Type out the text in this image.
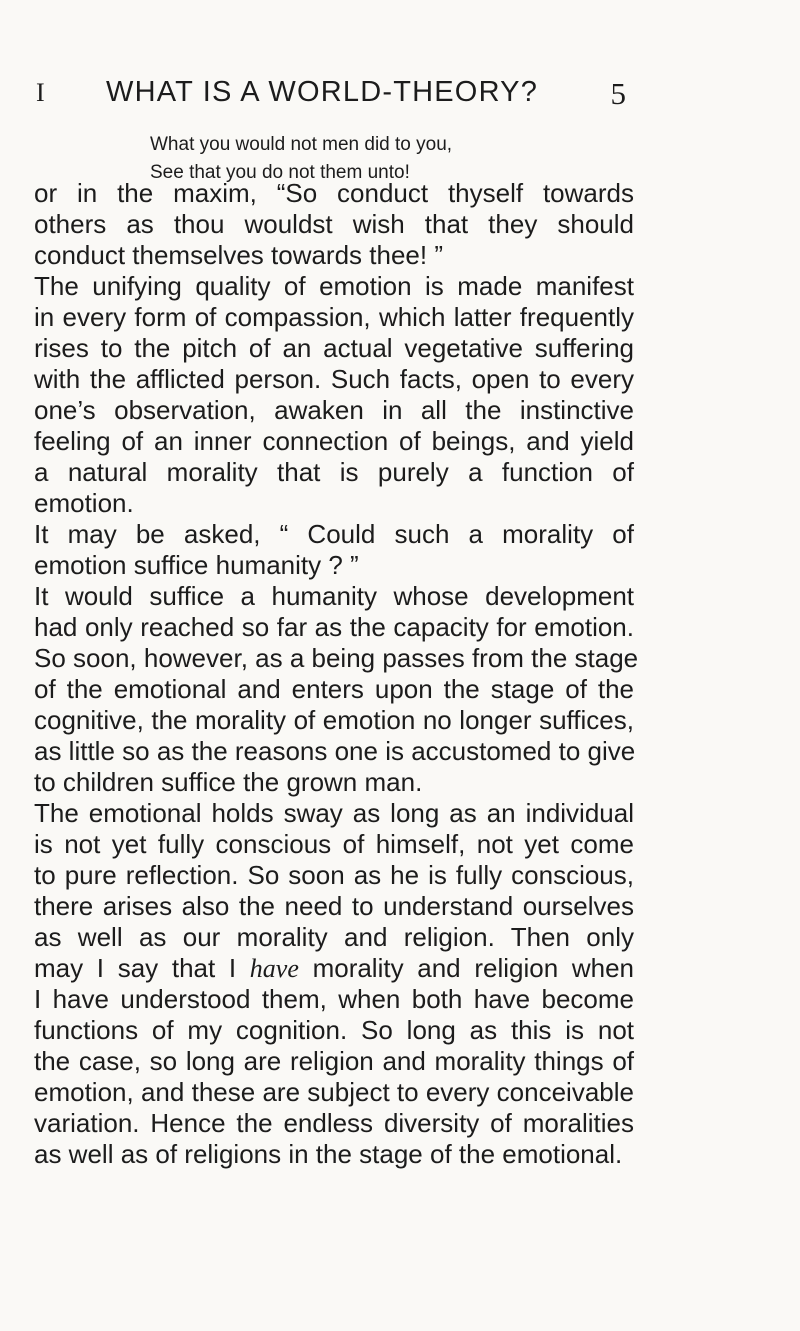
I WHAT IS A WORLD-THEORY? 5
What you would not men did to you,
See that you do not them unto!
or in the maxim, “So conduct thyself towards
others as thou wouldst wish that they should
conduct themselves towards thee! ”
The unifying quality of emotion is made manifest
in every form of compassion, which latter frequently
rises to the pitch of an actual vegetative suffering
with the afflicted person. Such facts, open to every
one’s observation, awaken in all the instinctive
feeling of an inner connection of beings, and yield
a natural morality that is purely a function of
emotion.
It may be asked, “ Could such a morality of
emotion suffice humanity ? ”
It would suffice a humanity whose development
had only reached so far as the capacity for emotion.
So soon, however, as a being passes from the stage
of the emotional and enters upon the stage of the
cognitive, the morality of emotion no longer suffices,
as little so as the reasons one is accustomed to give
to children suffice the grown man.
The emotional holds sway as long as an individual
is not yet fully conscious of himself, not yet come
to pure reflection. So soon as he is fully conscious,
there arises also the need to understand ourselves
as well as our morality and religion. Then only
may I say that I have morality and religion when
I have understood them, when both have become
functions of my cognition. So long as this is not
the case, so long are religion and morality things of
emotion, and these are subject to every conceivable
variation. Hence the endless diversity of moralities
as well as of religions in the stage of the emotional.
